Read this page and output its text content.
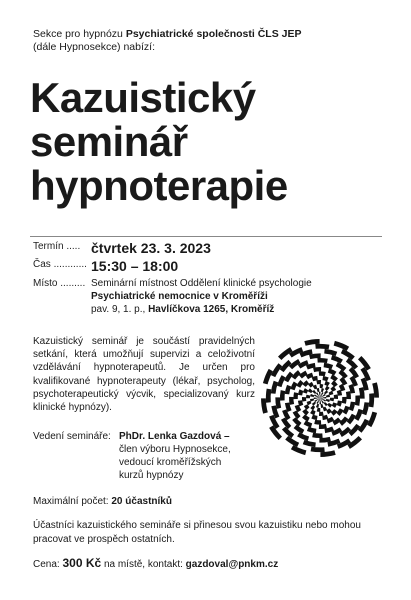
Sekce pro hypnózu Psychiatrické společnosti ČLS JEP
(dále Hypnosekce) nabízí:
Kazuistický
seminář
hypnoterapie
Termín ..... čtvrtek 23. 3. 2023
Čas ............ 15:30 – 18:00
Místo ......... Seminární místnost Oddělení klinické psychologie
Psychiatrické nemocnice v Kroměříži
pav. 9, 1. p., Havlíčkova 1265, Kroměříž
Kazuistický seminář je součástí pravidelných setkání, která umožňují supervizi a celoživotní vzdělávání hypnoterapeutů. Je určen pro kvalifikované hypnoterapeuty (lékař, psycholog, psychoterapeutický výcvik, specializovaný kurz klinické hypnózy).
Vedení semináře: PhDr. Lenka Gazdová –
člen výboru Hypnosekce,
vedoucí kroměřížských
kurzů hypnózy
Maximální počet: 20 účastníků
Účastníci kazuistického semináře si přinesou svou kazuistiku nebo mohou pracovat ve prospěch ostatních.
Cena: 300 Kč na místě, kontakt: gazdoval@pnkm.cz
